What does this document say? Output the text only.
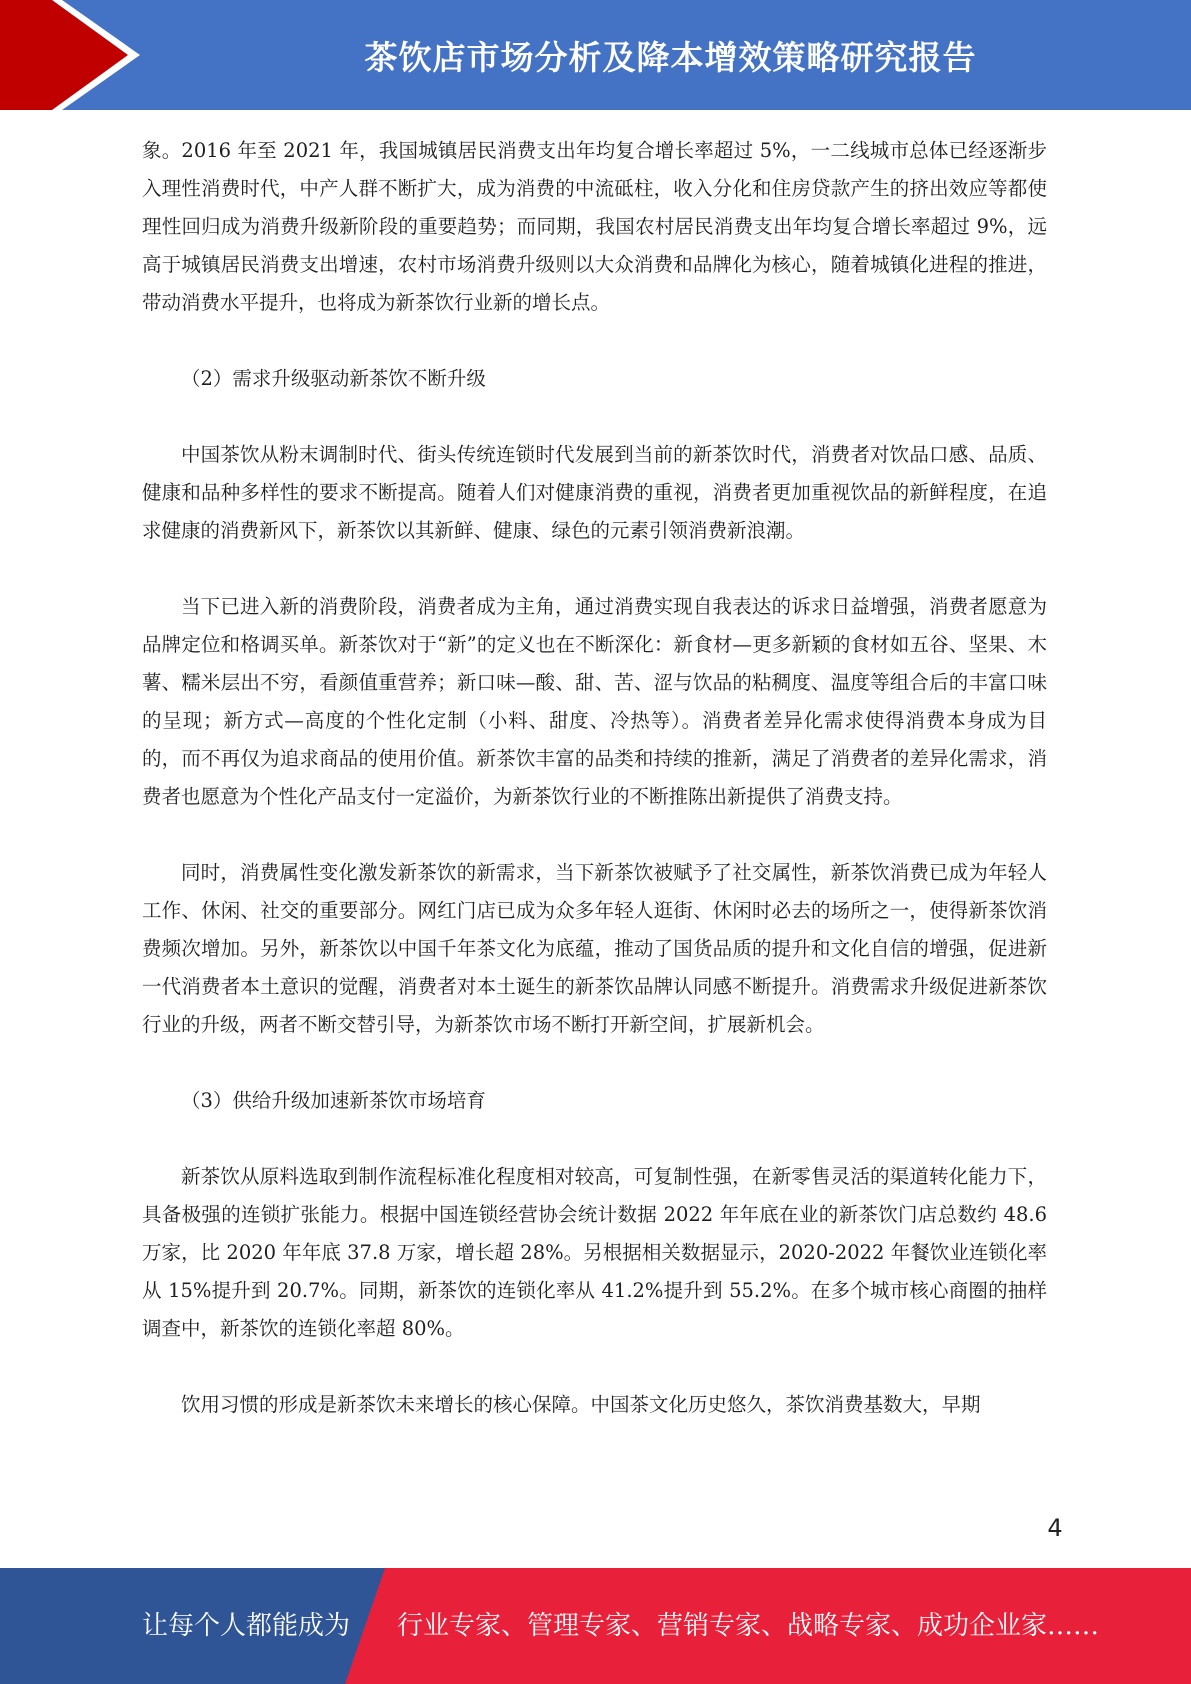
茶饮店市场分析及降本增效策略研究报告

象。2016 年至 2021 年，我国城镇居民消费支出年均复合增长率超过 5%，一二线城市总体已经逐渐步入理性消费时代，中产人群不断扩大，成为消费的中流砥柱，收入分化和住房贷款产生的挤出效应等都使理性回归成为消费升级新阶段的重要趋势；而同期，我国农村居民消费支出年均复合增长率超过 9%，远高于城镇居民消费支出增速，农村市场消费升级则以大众消费和品牌化为核心，随着城镇化进程的推进，带动消费水平提升，也将成为新茶饮行业新的增长点。

（2）需求升级驱动新茶饮不断升级

中国茶饮从粉末调制时代、街头传统连锁时代发展到当前的新茶饮时代，消费者对饮品口感、品质、健康和品种多样性的要求不断提高。随着人们对健康消费的重视，消费者更加重视饮品的新鲜程度，在追求健康的消费新风下，新茶饮以其新鲜、健康、绿色的元素引领消费新浪潮。

当下已进入新的消费阶段，消费者成为主角，通过消费实现自我表达的诉求日益增强，消费者愿意为品牌定位和格调买单。新茶饮对于“新”的定义也在不断深化：新食材—更多新颖的食材如五谷、坚果、木薯、糯米层出不穷，看颜值重营养；新口味—酸、甜、苦、涩与饮品的粘稠度、温度等组合后的丰富口味的呈现；新方式—高度的个性化定制（小料、甜度、冷热等）。消费者差异化需求使得消费本身成为目的，而不再仅为追求商品的使用价值。新茶饮丰富的品类和持续的推新，满足了消费者的差异化需求，消费者也愿意为个性化产品支付一定溢价，为新茶饮行业的不断推陈出新提供了消费支持。

同时，消费属性变化激发新茶饮的新需求，当下新茶饮被赋予了社交属性，新茶饮消费已成为年轻人工作、休闲、社交的重要部分。网红门店已成为众多年轻人逛街、休闲时必去的场所之一，使得新茶饮消费频次增加。另外，新茶饮以中国千年茶文化为底蕴，推动了国货品质的提升和文化自信的增强，促进新一代消费者本土意识的觉醒，消费者对本土诞生的新茶饮品牌认同感不断提升。消费需求升级促进新茶饮行业的升级，两者不断交替引导，为新茶饮市场不断打开新空间，扩展新机会。

（3）供给升级加速新茶饮市场培育

新茶饮从原料选取到制作流程标准化程度相对较高，可复制性强，在新零售灵活的渠道转化能力下，具备极强的连锁扩张能力。根据中国连锁经营协会统计数据 2022 年年底在业的新茶饮门店总数约 48.6 万家，比 2020 年年底 37.8 万家，增长超 28%。另根据相关数据显示，2020-2022 年餐饮业连锁化率从 15%提升到 20.7%。同期，新茶饮的连锁化率从 41.2%提升到 55.2%。在多个城市核心商圈的抽样调查中，新茶饮的连锁化率超 80%。

饮用习惯的形成是新茶饮未来增长的核心保障。中国茶文化历史悠久，茶饮消费基数大，早期

4
让每个人都能成为 行业专家、管理专家、营销专家、战略专家、成功企业家……
